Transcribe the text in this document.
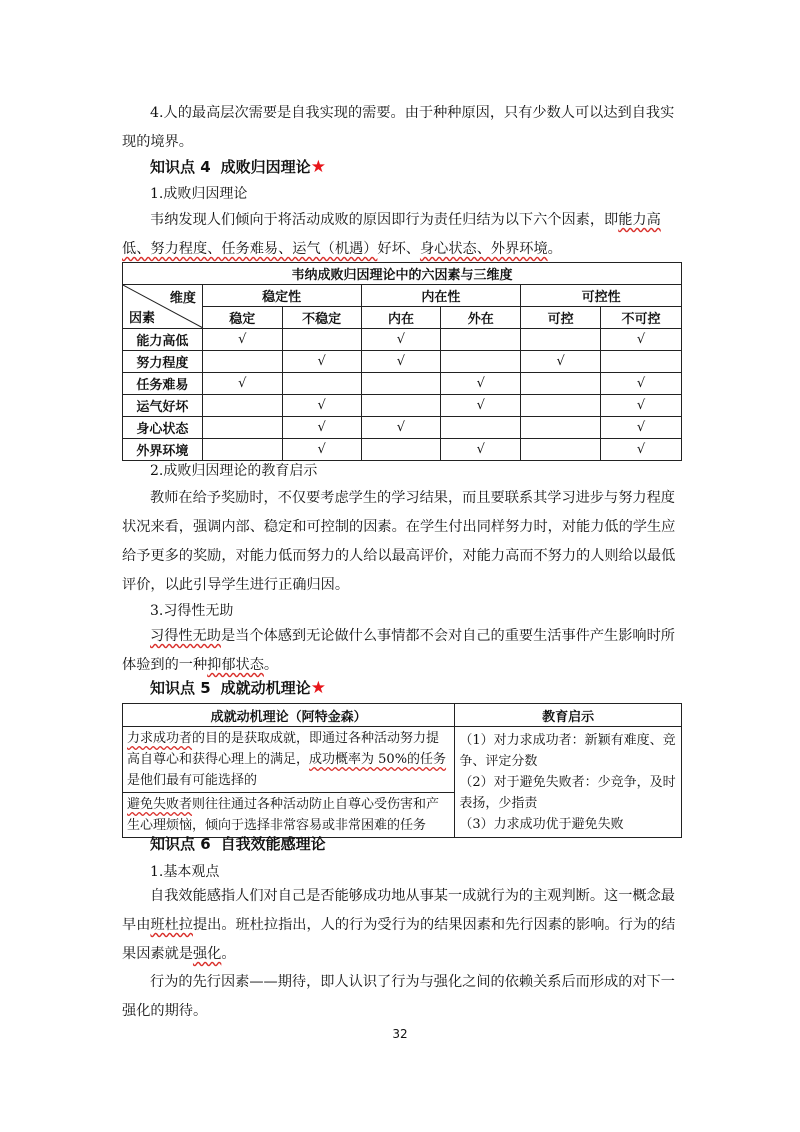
4.人的最高层次需要是自我实现的需要。由于种种原因，只有少数人可以达到自我实现的境界。

知识点 4 成败归因理论★
1.成败归因理论

韦纳发现人们倾向于将活动成败的原因即行为责任归结为以下六个因素，即能力高低、努力程度、任务难易、运气（机遇）好坏、身心状态、外界环境。

韦纳成败归因理论中的六因素与三维度						

维度
因素	稳定性		内在性		可控性	
	稳定	不稳定	内在	外在	可控	不可控
能力高低	√		√			√
努力程度		√	√		√	
任务难易	√			√		√
运气好坏		√		√		√
身心状态		√	√			√
外界环境		√		√		√
2.成败归因理论的教育启示

教师在给予奖励时，不仅要考虑学生的学习结果，而且要联系其学习进步与努力程度状况来看，强调内部、稳定和可控制的因素。在学生付出同样努力时，对能力低的学生应给予更多的奖励，对能力低而努力的人给以最高评价，对能力高而不努力的人则给以最低评价，以此引导学生进行正确归因。

3.习得性无助

习得性无助是当个体感到无论做什么事情都不会对自己的重要生活事件产生影响时所体验到的一种抑郁状态。

知识点 5 成就动机理论★
成就动机理论（阿特金森）	教育启示
力求成功者的目的是获取成就，即通过各种活动努力提高自尊心和获得心理上的满足，成功概率为 50%的任务是他们最有可能选择的	（1）对力求成功者：新颖有难度、竞争、评定分数
（2）对于避免失败者：少竞争，及时表扬，少指责
（3）力求成功优于避免失败

避免失败者则往往通过各种活动防止自尊心受伤害和产生心理烦恼，倾向于选择非常容易或非常困难的任务	
知识点 6 自我效能感理论
1.基本观点

自我效能感指人们对自己是否能够成功地从事某一成就行为的主观判断。这一概念最早由班杜拉提出。班杜拉指出，人的行为受行为的结果因素和先行因素的影响。行为的结果因素就是强化。

行为的先行因素——期待，即人认识了行为与强化之间的依赖关系后而形成的对下一强化的期待。

32
